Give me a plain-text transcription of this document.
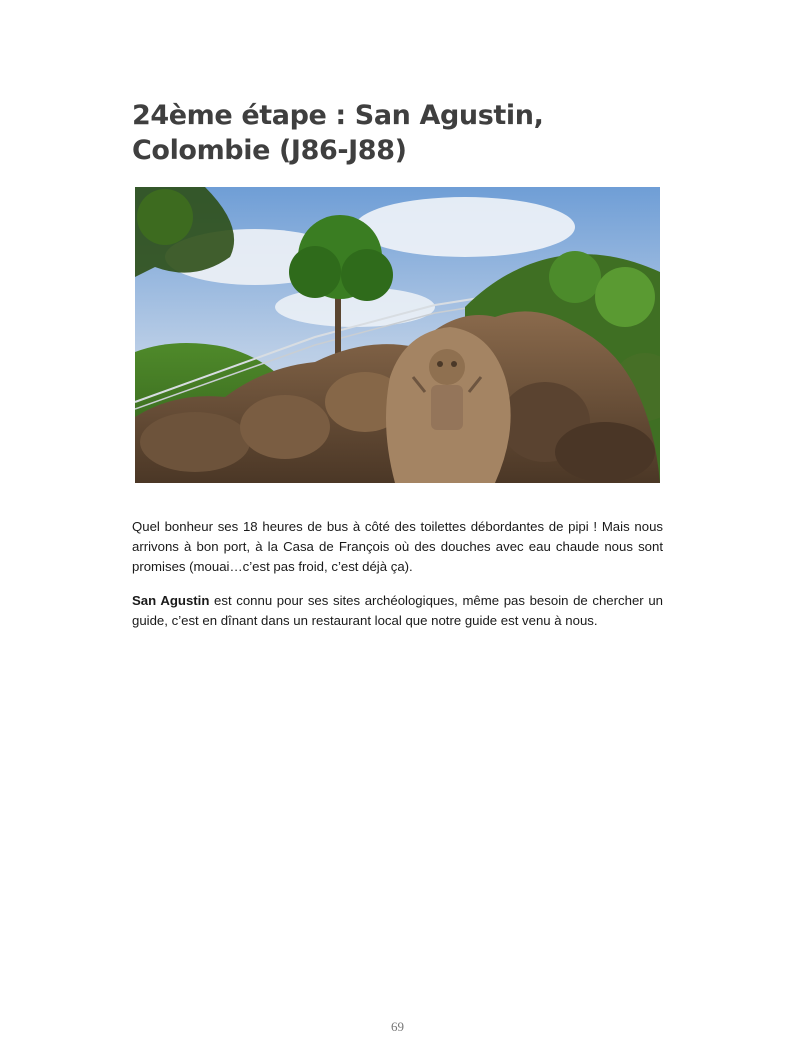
24ème étape : San Agustin, Colombie (J86-J88)

Quel bonheur ses 18 heures de bus à côté des toilettes débordantes de pipi ! Mais nous arrivons à bon port, à la Casa de François où des douches avec eau chaude nous sont promises (mouai…c’est pas froid, c’est déjà ça).

San Agustin est connu pour ses sites archéologiques, même pas besoin de chercher un guide, c’est en dînant dans un restaurant local que notre guide est venu à nous.

69
